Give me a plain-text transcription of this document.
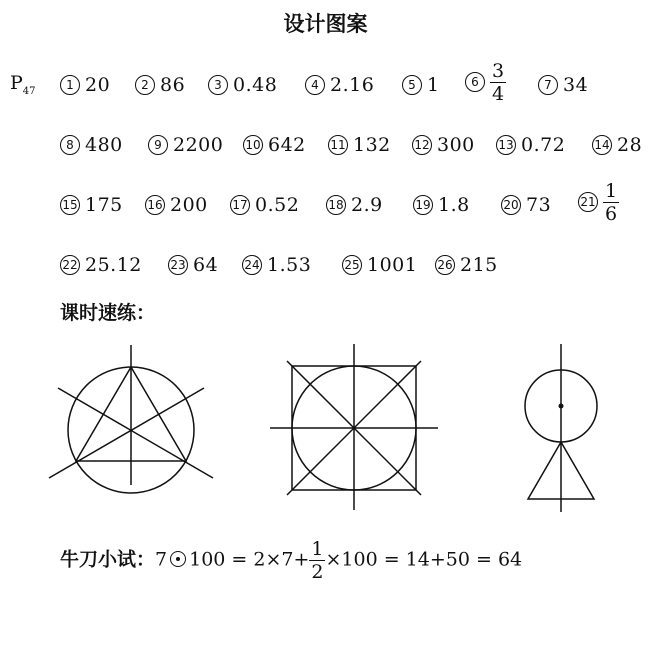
设计图案
$P_{47}$	1 20	2 86	3 0.48	4 2.16	5 1	$6 \frac{3}{4}$	7 34
8 480	9 2200 10 642 11 132 12 300 13 0.72 14 28
15 175 16 200 17 0.52 18 2.9	19 1.8	20 73 $21 \frac{1}{6}$
22 25.12 23 64 24 1.53	25 1001 26 215
课时速练：
牛刀小试：7 $100 = 2\times 7+ \frac{1}{2} \times 100 = 14+50 = 64$
